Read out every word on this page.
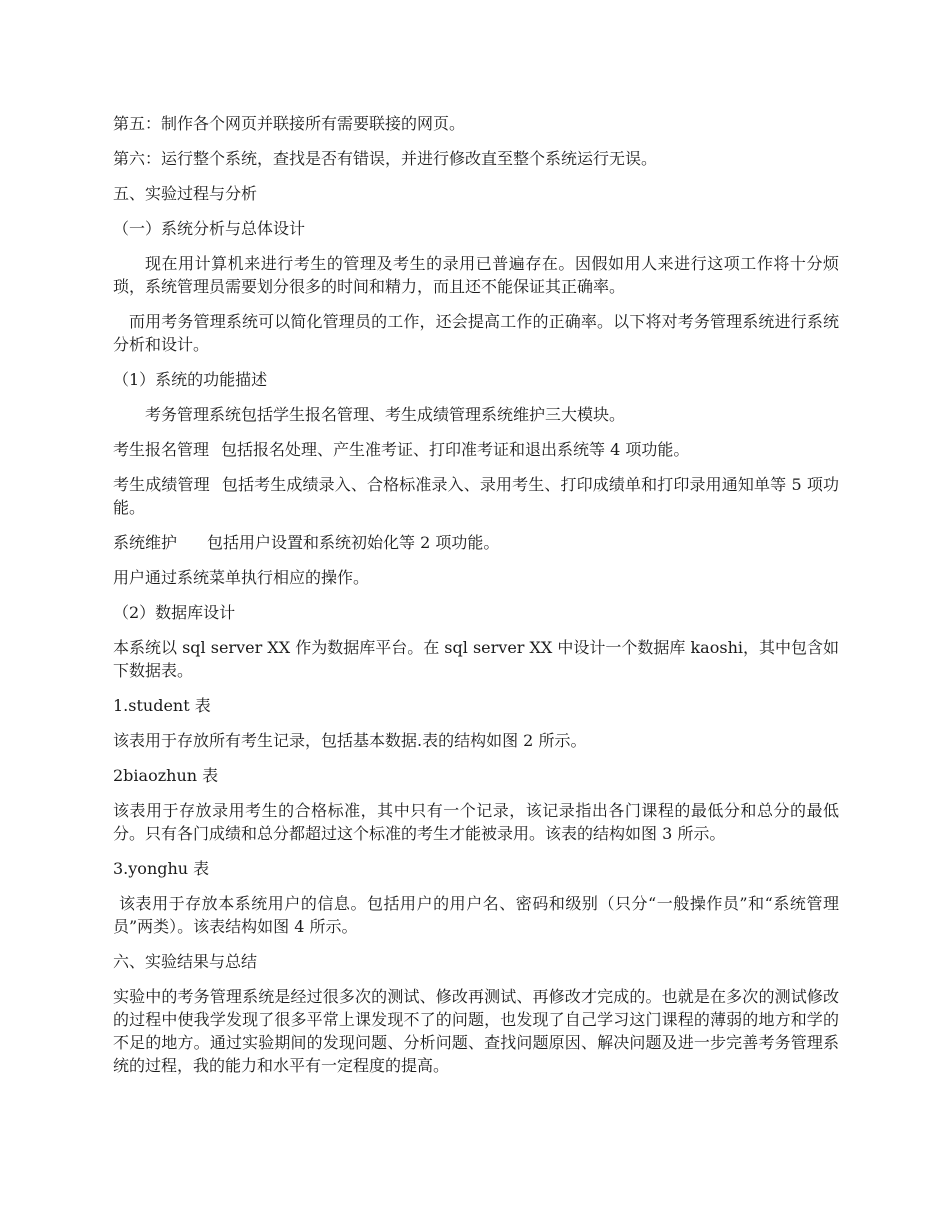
第五：制作各个网页并联接所有需要联接的网页。

第六：运行整个系统，查找是否有错误，并进行修改直至整个系统运行无误。

五、实验过程与分析

（一）系统分析与总体设计

现在用计算机来进行考生的管理及考生的录用已普遍存在。因假如用人来进行这项工作将十分烦琐，系统管理员需要划分很多的时间和精力，而且还不能保证其正确率。

而用考务管理系统可以简化管理员的工作，还会提高工作的正确率。以下将对考务管理系统进行系统分析和设计。

（1）系统的功能描述

考务管理系统包括学生报名管理、考生成绩管理系统维护三大模块。

考生报名管理 包括报名处理、产生准考证、打印准考证和退出系统等 4 项功能。

考生成绩管理 包括考生成绩录入、合格标准录入、录用考生、打印成绩单和打印录用通知单等 5 项功能。

系统维护 包括用户设置和系统初始化等 2 项功能。

用户通过系统菜单执行相应的操作。

（2）数据库设计

本系统以 sql server XX 作为数据库平台。在 sql server XX 中设计一个数据库 kaoshi，其中包含如下数据表。

1.student 表

该表用于存放所有考生记录，包括基本数据.表的结构如图 2 所示。

2biaozhun 表

该表用于存放录用考生的合格标准，其中只有一个记录，该记录指出各门课程的最低分和总分的最低分。只有各门成绩和总分都超过这个标准的考生才能被录用。该表的结构如图 3 所示。

3.yonghu 表

该表用于存放本系统用户的信息。包括用户的用户名、密码和级别（只分“一般操作员”和“系统管理员”两类）。该表结构如图 4 所示。

六、实验结果与总结

实验中的考务管理系统是经过很多次的测试、修改再测试、再修改才完成的。也就是在多次的测试修改的过程中使我学发现了很多平常上课发现不了的问题，也发现了自己学习这门课程的薄弱的地方和学的不足的地方。通过实验期间的发现问题、分析问题、查找问题原因、解决问题及进一步完善考务管理系统的过程，我的能力和水平有一定程度的提高。
